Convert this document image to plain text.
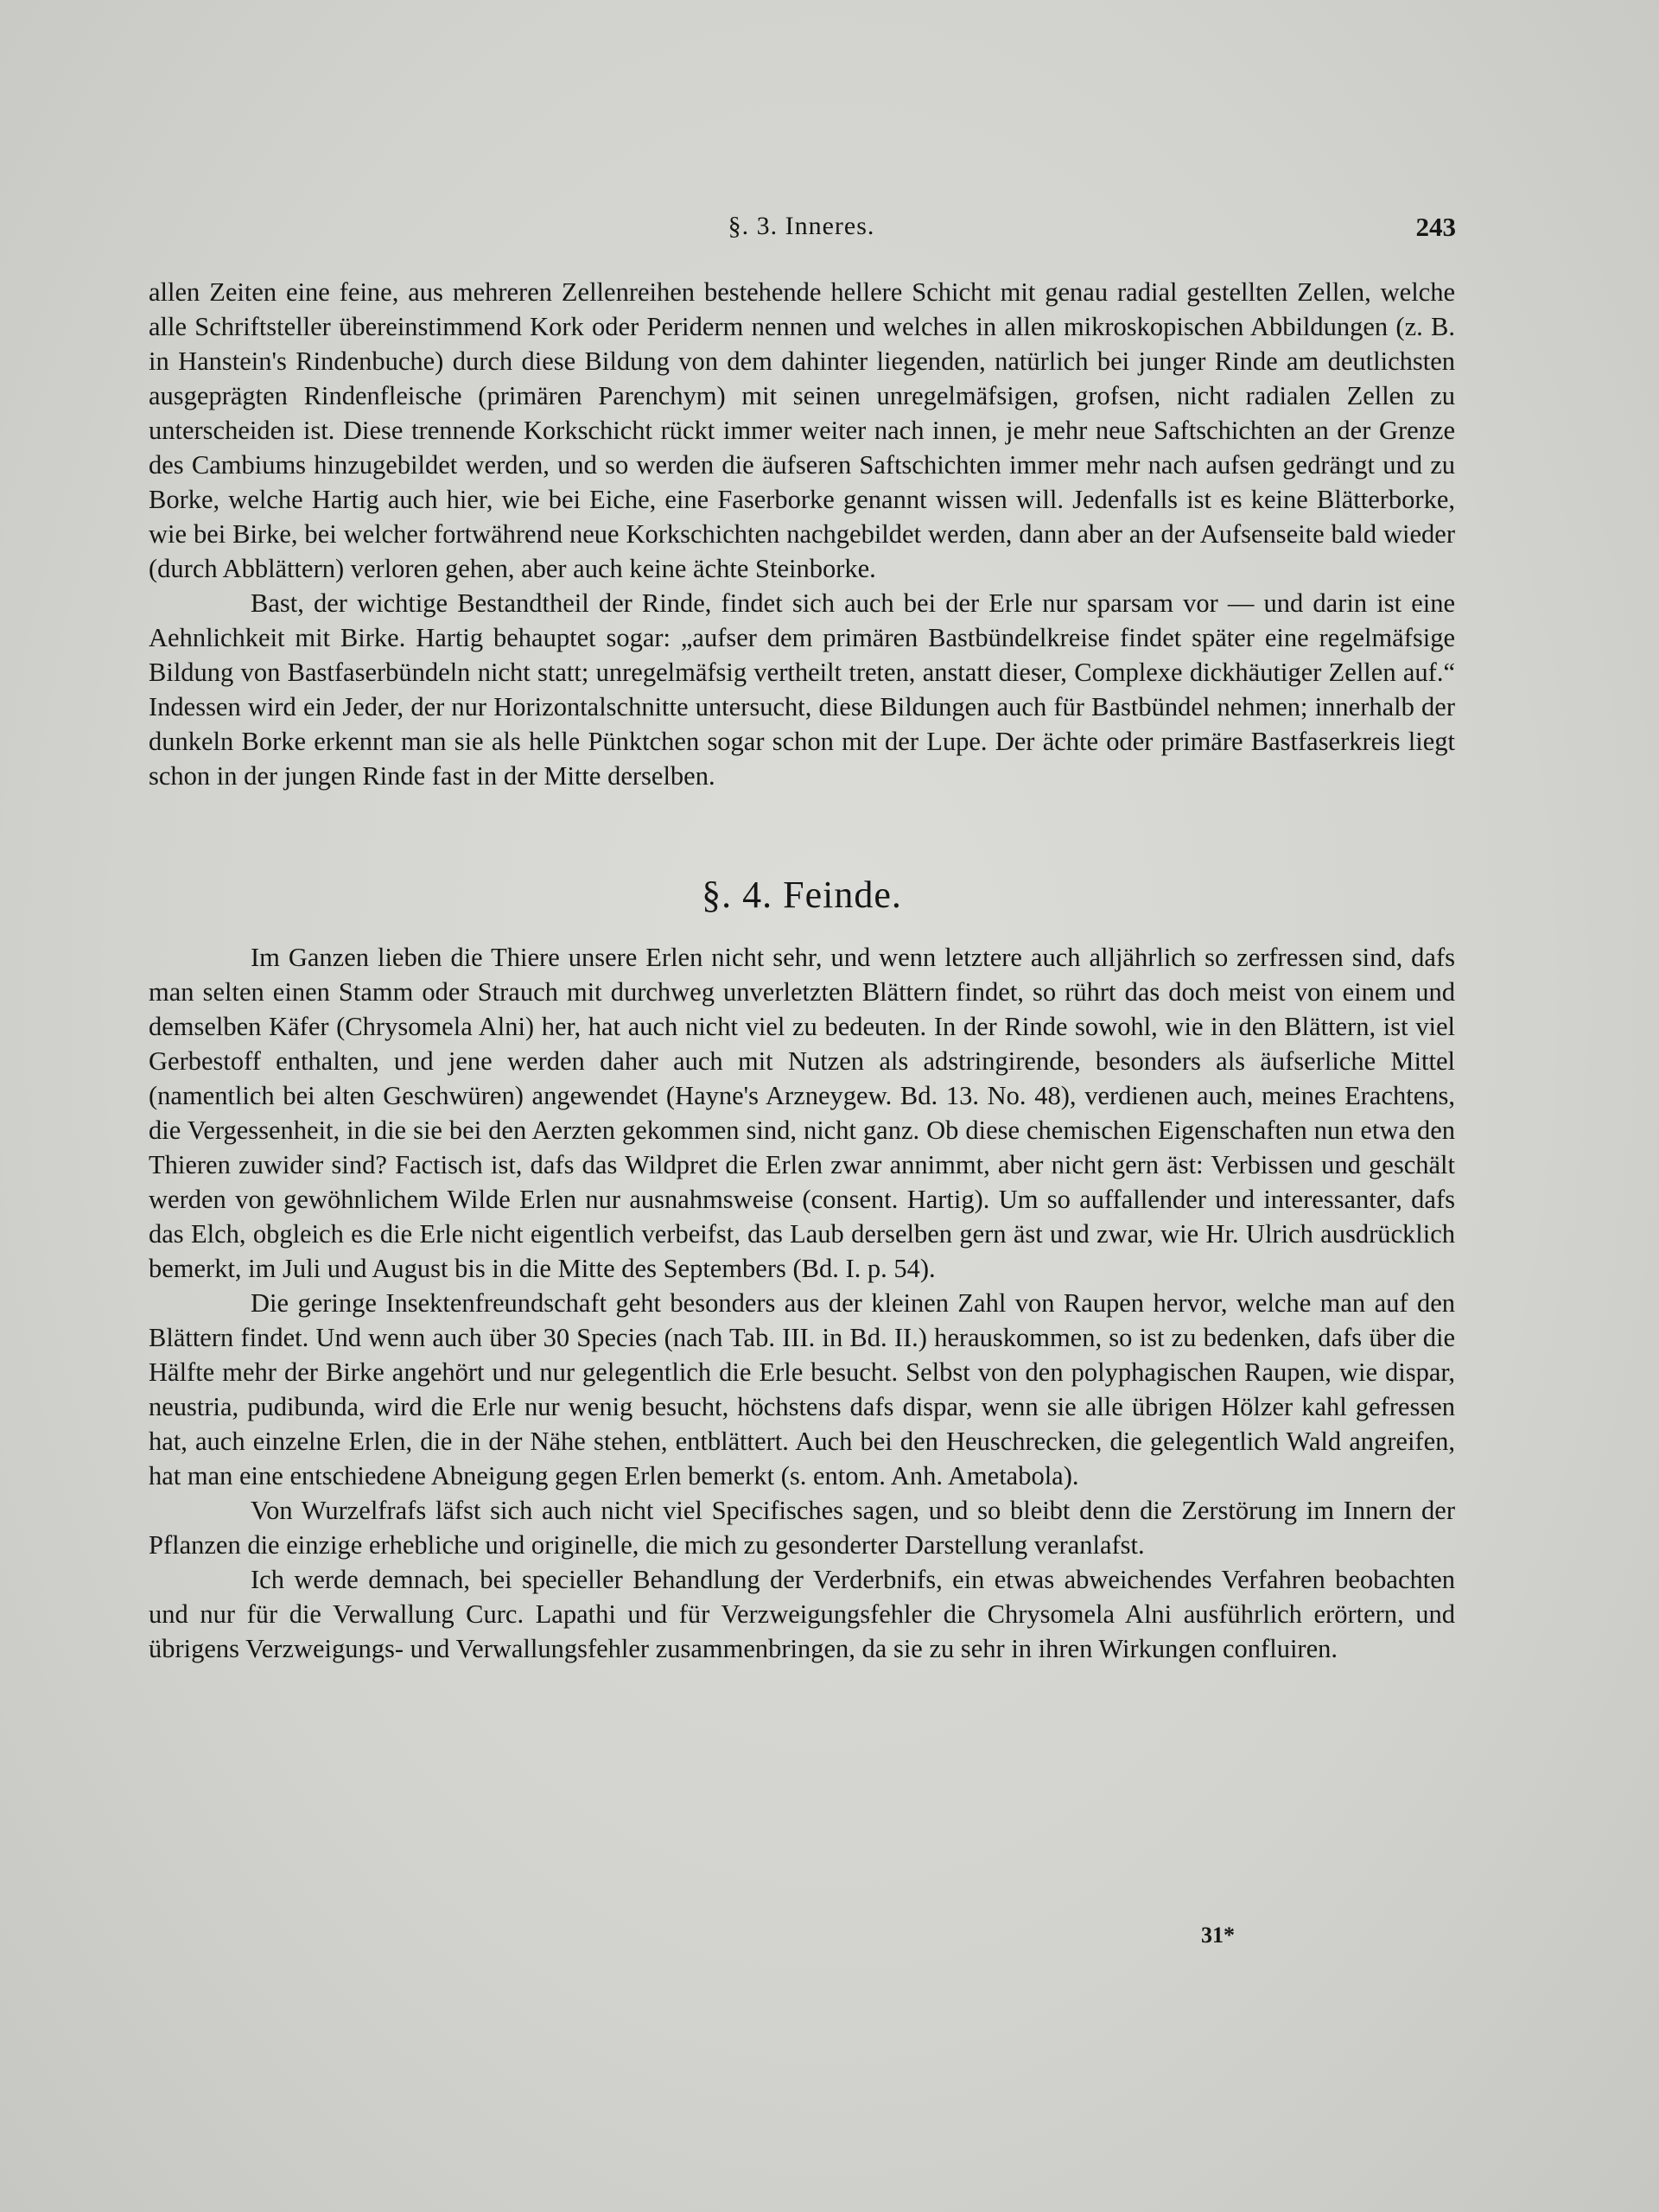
§. 3. Inneres.	243

allen Zeiten eine feine, aus mehreren Zellenreihen bestehende hellere Schicht mit genau radial gestellten Zellen, welche alle Schriftsteller übereinstimmend Kork oder Periderm nennen und welches in allen mikroskopischen Abbildungen (z. B. in Hanstein's Rindenbuche) durch diese Bildung von dem dahinter liegenden, natürlich bei junger Rinde am deutlichsten ausgeprägten Rindenfleische (primären Parenchym) mit seinen unregelmäfsigen, grofsen, nicht radialen Zellen zu unterscheiden ist. Diese trennende Korkschicht rückt immer weiter nach innen, je mehr neue Saftschichten an der Grenze des Cambiums hinzugebildet werden, und so werden die äufseren Saftschichten immer mehr nach aufsen gedrängt und zu Borke, welche Hartig auch hier, wie bei Eiche, eine Faserborke genannt wissen will. Jedenfalls ist es keine Blätterborke, wie bei Birke, bei welcher fortwährend neue Korkschichten nachgebildet werden, dann aber an der Aufsenseite bald wieder (durch Abblättern) verloren gehen, aber auch keine ächte Steinborke.

Bast, der wichtige Bestandtheil der Rinde, findet sich auch bei der Erle nur sparsam vor — und darin ist eine Aehnlichkeit mit Birke. Hartig behauptet sogar: „aufser dem primären Bastbündelkreise findet später eine regelmäfsige Bildung von Bastfaserbündeln nicht statt; unregelmäfsig vertheilt treten, anstatt dieser, Complexe dickhäutiger Zellen auf.“ Indessen wird ein Jeder, der nur Horizontalschnitte untersucht, diese Bildungen auch für Bastbündel nehmen; innerhalb der dunkeln Borke erkennt man sie als helle Pünktchen sogar schon mit der Lupe. Der ächte oder primäre Bastfaserkreis liegt schon in der jungen Rinde fast in der Mitte derselben.

§. 4. Feinde.

Im Ganzen lieben die Thiere unsere Erlen nicht sehr, und wenn letztere auch alljährlich so zerfressen sind, dafs man selten einen Stamm oder Strauch mit durchweg unverletzten Blättern findet, so rührt das doch meist von einem und demselben Käfer (Chrysomela Alni) her, hat auch nicht viel zu bedeuten. In der Rinde sowohl, wie in den Blättern, ist viel Gerbestoff enthalten, und jene werden daher auch mit Nutzen als adstringirende, besonders als äufserliche Mittel (namentlich bei alten Geschwüren) angewendet (Hayne's Arzneygew. Bd. 13. No. 48), verdienen auch, meines Erachtens, die Vergessenheit, in die sie bei den Aerzten gekommen sind, nicht ganz. Ob diese chemischen Eigenschaften nun etwa den Thieren zuwider sind? Factisch ist, dafs das Wildpret die Erlen zwar annimmt, aber nicht gern äst: Verbissen und geschält werden von gewöhnlichem Wilde Erlen nur ausnahmsweise (consent. Hartig). Um so auffallender und interessanter, dafs das Elch, obgleich es die Erle nicht eigentlich verbeifst, das Laub derselben gern äst und zwar, wie Hr. Ulrich ausdrücklich bemerkt, im Juli und August bis in die Mitte des Septembers (Bd. I. p. 54).

Die geringe Insektenfreundschaft geht besonders aus der kleinen Zahl von Raupen hervor, welche man auf den Blättern findet. Und wenn auch über 30 Species (nach Tab. III. in Bd. II.) herauskommen, so ist zu bedenken, dafs über die Hälfte mehr der Birke angehört und nur gelegentlich die Erle besucht. Selbst von den polyphagischen Raupen, wie dispar, neustria, pudibunda, wird die Erle nur wenig besucht, höchstens dafs dispar, wenn sie alle übrigen Hölzer kahl gefressen hat, auch einzelne Erlen, die in der Nähe stehen, entblättert. Auch bei den Heuschrecken, die gelegentlich Wald angreifen, hat man eine entschiedene Abneigung gegen Erlen bemerkt (s. entom. Anh. Ametabola).

Von Wurzelfrafs läfst sich auch nicht viel Specifisches sagen, und so bleibt denn die Zerstörung im Innern der Pflanzen die einzige erhebliche und originelle, die mich zu gesonderter Darstellung veranlafst.

Ich werde demnach, bei specieller Behandlung der Verderbnifs, ein etwas abweichendes Verfahren beobachten und nur für die Verwallung Curc. Lapathi und für Verzweigungsfehler die Chrysomela Alni ausführlich erörtern, und übrigens Verzweigungs- und Verwallungsfehler zusammenbringen, da sie zu sehr in ihren Wirkungen confluiren.

31*
